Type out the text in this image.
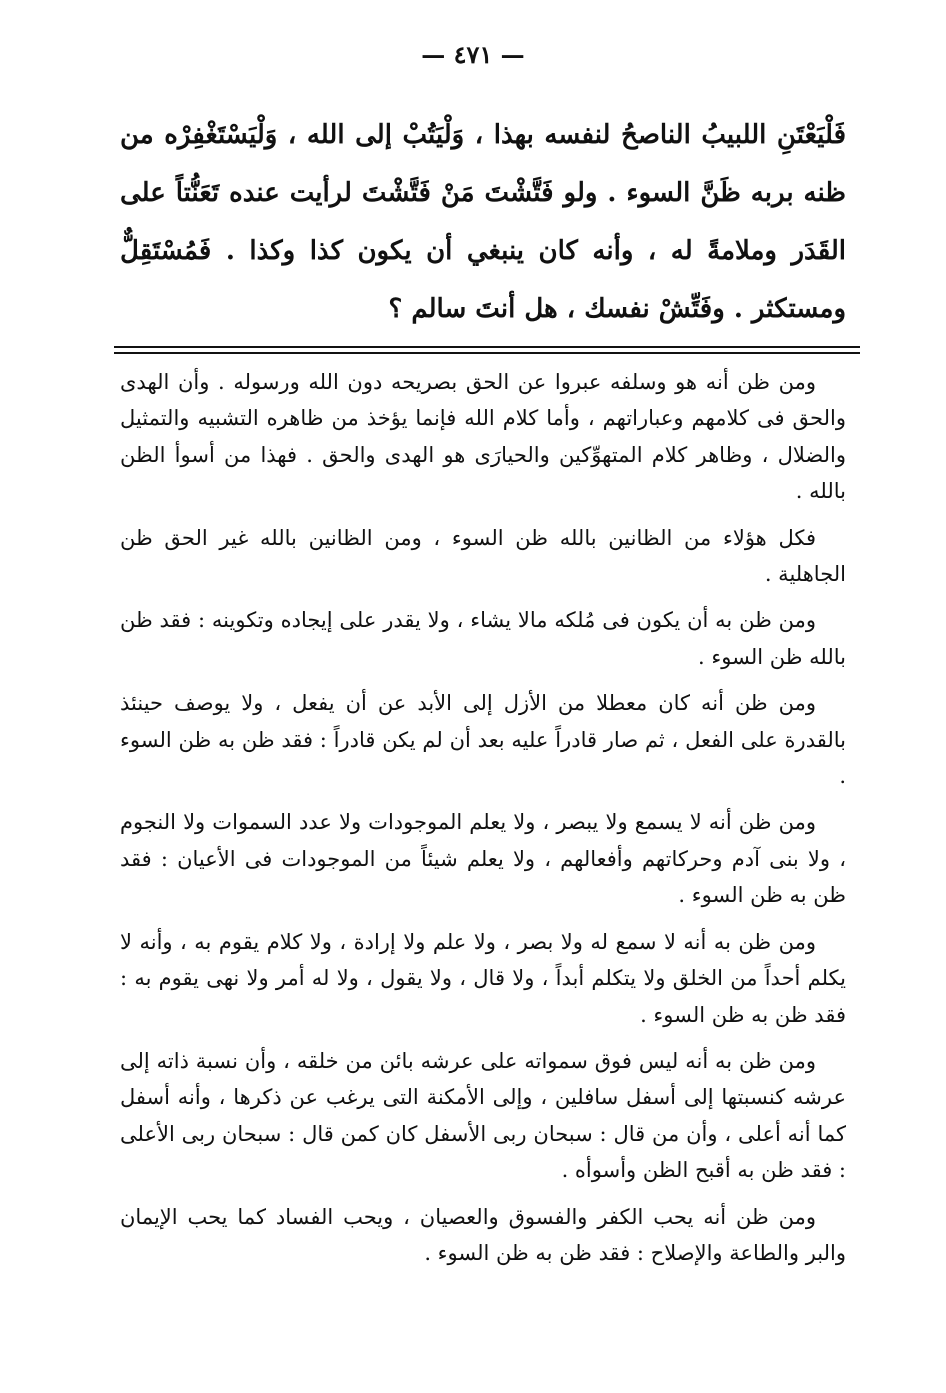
— ٤٧١ —

فَلْيَعْتَنِ اللبيبُ الناصحُ لنفسه بهذا ، وَلْيَتُبْ إلى الله ، وَلْيَسْتَغْفِرْه من ظنه بربه ظَنَّ السوء . ولو فَتَّشْتَ مَنْ فَتَّشْتَ لرأيت عنده تَعَنُّتاً على القَدَر وملامةً له ، وأنه كان ينبغي أن يكون كذا وكذا . فَمُسْتَقِلٌّ ومستكثر . وفَتِّشْ نفسك ، هل أنتَ سالم ؟

ومن ظن أنه هو وسلفه عبروا عن الحق بصريحه دون الله ورسوله . وأن الهدى والحق فى كلامهم وعباراتهم ، وأما كلام الله فإنما يؤخذ من ظاهره التشبيه والتمثيل والضلال ، وظاهر كلام المتهوِّكين والحيارَى هو الهدى والحق . فهذا من أسوأ الظن بالله .

فكل هؤلاء من الظانين بالله ظن السوء ، ومن الظانين بالله غير الحق ظن الجاهلية .

ومن ظن به أن يكون فى مُلكه مالا يشاء ، ولا يقدر على إيجاده وتكوينه : فقد ظن بالله ظن السوء .

ومن ظن أنه كان معطلا من الأزل إلى الأبد عن أن يفعل ، ولا يوصف حينئذ بالقدرة على الفعل ، ثم صار قادراً عليه بعد أن لم يكن قادراً : فقد ظن به ظن السوء .

ومن ظن أنه لا يسمع ولا يبصر ، ولا يعلم الموجودات ولا عدد السموات ولا النجوم ، ولا بنى آدم وحركاتهم وأفعالهم ، ولا يعلم شيئاً من الموجودات فى الأعيان : فقد ظن به ظن السوء .

ومن ظن به أنه لا سمع له ولا بصر ، ولا علم ولا إرادة ، ولا كلام يقوم به ، وأنه لا يكلم أحداً من الخلق ولا يتكلم أبداً ، ولا قال ، ولا يقول ، ولا له أمر ولا نهى يقوم به : فقد ظن به ظن السوء .

ومن ظن به أنه ليس فوق سمواته على عرشه بائن من خلقه ، وأن نسبة ذاته إلى عرشه كنسبتها إلى أسفل سافلين ، وإلى الأمكنة التى يرغب عن ذكرها ، وأنه أسفل كما أنه أعلى ، وأن من قال : سبحان ربى الأسفل كان كمن قال : سبحان ربى الأعلى : فقد ظن به أقبح الظن وأسوأه .

ومن ظن أنه يحب الكفر والفسوق والعصيان ، ويحب الفساد كما يحب الإيمان والبر والطاعة والإصلاح : فقد ظن به ظن السوء .
